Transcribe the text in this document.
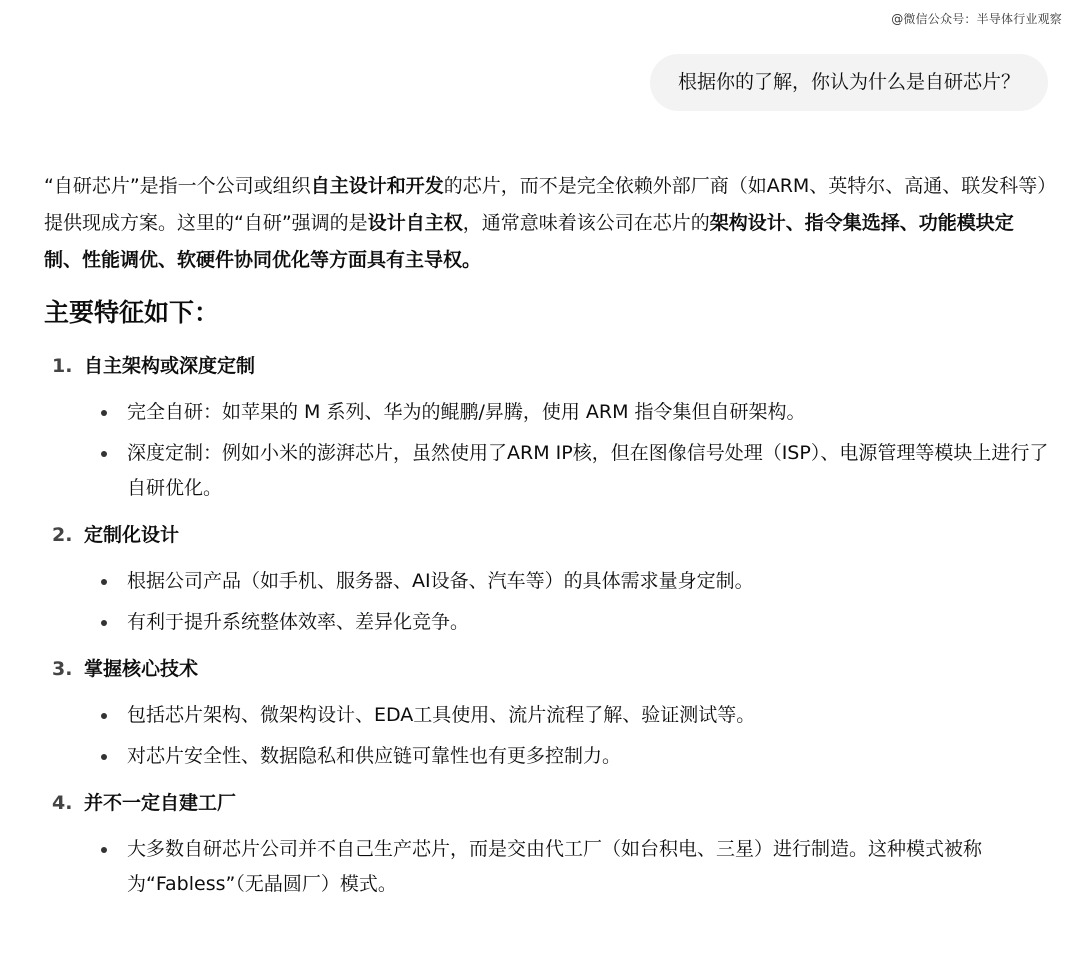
@微信公众号：半导体行业观察
根据你的了解，你认为什么是自研芯片？

“自研芯片”是指一个公司或组织自主设计和开发的芯片，而不是完全依赖外部厂商（如ARM、英特尔、高通、联发科等）提供现成方案。这里的“自研”强调的是设计自主权，通常意味着该公司在芯片的架构设计、指令集选择、功能模块定制、性能调优、软硬件协同优化等方面具有主导权。

主要特征如下：
1. 自主架构或深度定制
完全自研：如苹果的 M 系列、华为的鲲鹏/昇腾，使用 ARM 指令集但自研架构。
深度定制：例如小米的澎湃芯片，虽然使用了ARM IP核，但在图像信号处理（ISP）、电源管理等模块上进行了自研优化。
2. 定制化设计
根据公司产品（如手机、服务器、AI设备、汽车等）的具体需求量身定制。
有利于提升系统整体效率、差异化竞争。
3. 掌握核心技术
包括芯片架构、微架构设计、EDA工具使用、流片流程了解、验证测试等。
对芯片安全性、数据隐私和供应链可靠性也有更多控制力。
4. 并不一定自建工厂
大多数自研芯片公司并不自己生产芯片，而是交由代工厂（如台积电、三星）进行制造。这种模式被称为“Fabless”（无晶圆厂）模式。
